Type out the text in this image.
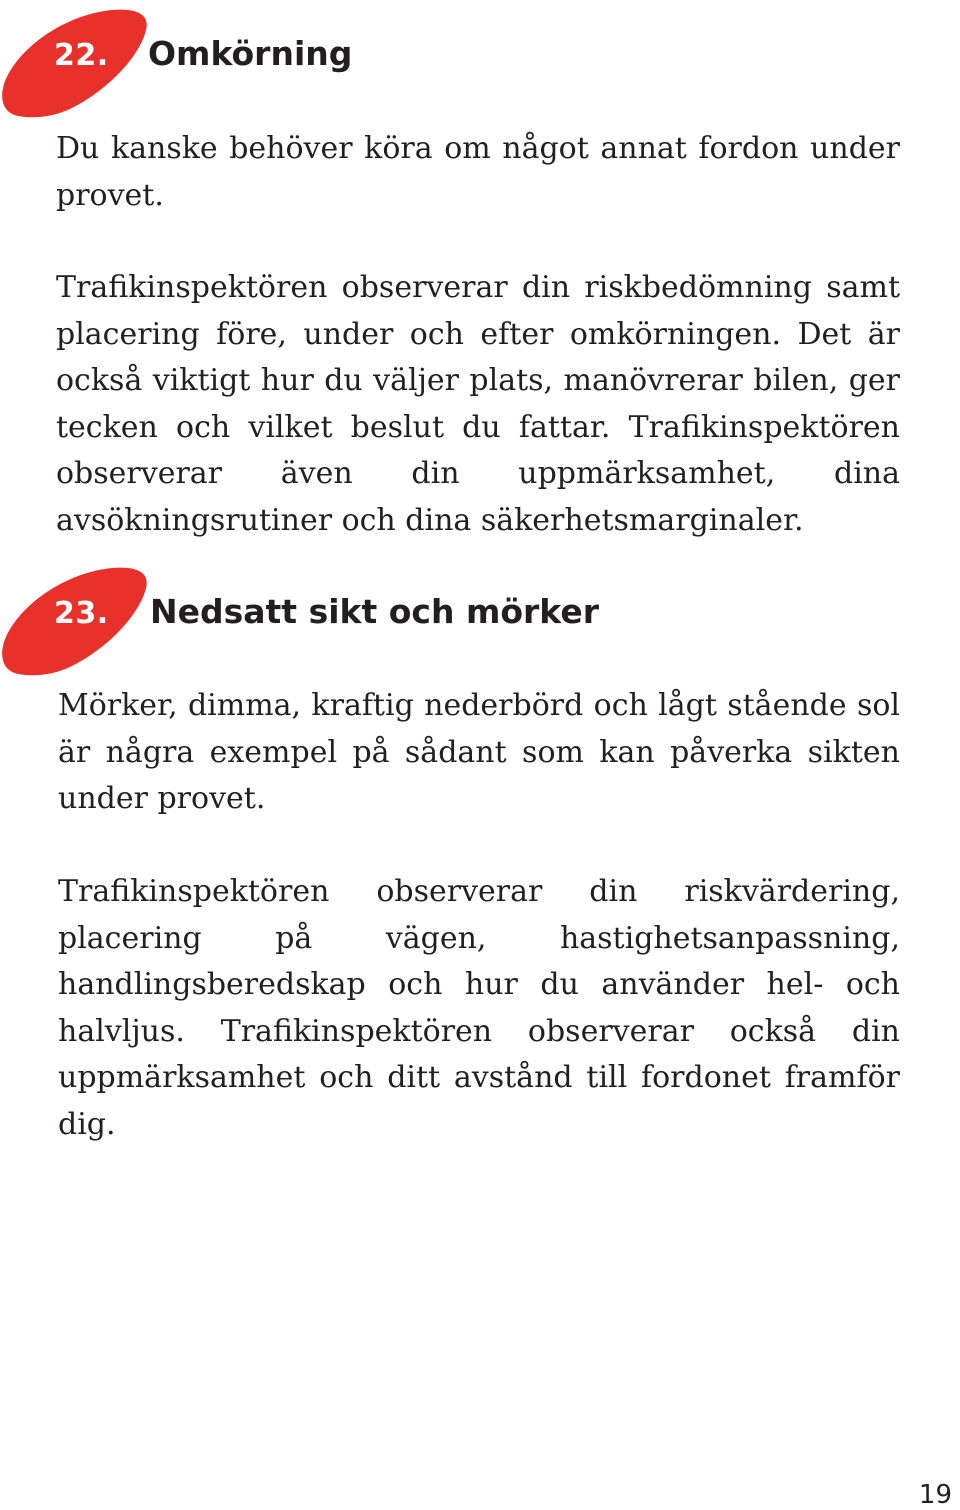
22. Omkörning

Du kanske behöver köra om något annat fordon under provet.

Trafikinspektören observerar din riskbedömning samt placering före, under och efter omkörningen. Det är också viktigt hur du väljer plats, manövrerar bilen, ger tecken och vilket beslut du fattar. Trafikinspektören observerar även din uppmärksamhet, dina avsökningsrutiner och dina säkerhetsmarginaler.

23. Nedsatt sikt och mörker

Mörker, dimma, kraftig nederbörd och lågt stående sol är några exempel på sådant som kan påverka sikten under provet.

Trafikinspektören observerar din riskvärdering, placering på vägen, hastighetsanpassning, handlingsberedskap och hur du använder hel- och halvljus. Trafikinspektören observerar också din uppmärksamhet och ditt avstånd till fordonet framför dig.

19
